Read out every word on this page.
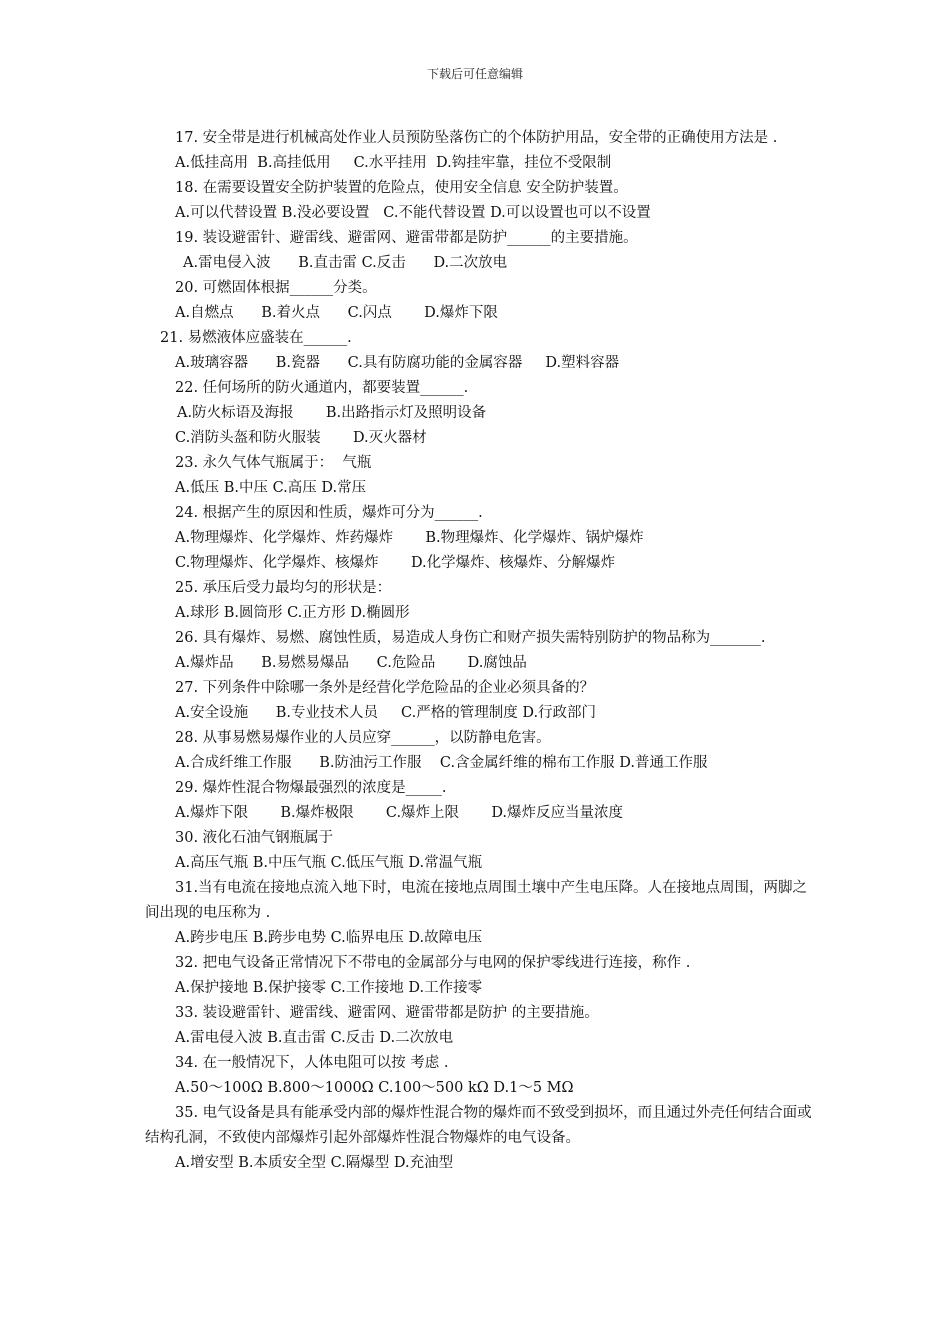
下载后可任意编辑

17. 安全带是进行机械高处作业人员预防坠落伤亡的个体防护用品，安全带的正确使用方法是 .

A.低挂高用  B.高挂低用     C.水平挂用  D.钩挂牢靠，挂位不受限制

18. 在需要设置安全防护装置的危险点，使用安全信息 安全防护装置。

A.可以代替设置 B.没必要设置   C.不能代替设置 D.可以设置也可以不设置

19. 装设避雷针、避雷线、避雷网、避雷带都是防护______的主要措施。

A.雷电侵入波      B.直击雷 C.反击      D.二次放电

20. 可燃固体根据______分类。

A.自燃点      B.着火点      C.闪点       D.爆炸下限

21. 易燃液体应盛装在______.

A.玻璃容器      B.瓷器      C.具有防腐功能的金属容器     D.塑料容器

22. 任何场所的防火通道内，都要装置______.

A.防火标语及海报       B.出路指示灯及照明设备

C.消防头盔和防火服装       D.灭火器材

23. 永久气体气瓶属于：  气瓶

A.低压 B.中压 C.高压 D.常压

24. 根据产生的原因和性质，爆炸可分为______.

A.物理爆炸、化学爆炸、炸药爆炸       B.物理爆炸、化学爆炸、锅炉爆炸

C.物理爆炸、化学爆炸、核爆炸       D.化学爆炸、核爆炸、分解爆炸

25. 承压后受力最均匀的形状是：

A.球形 B.圆筒形 C.正方形 D.椭圆形

26. 具有爆炸、易燃、腐蚀性质，易造成人身伤亡和财产损失需特别防护的物品称为_______.

A.爆炸品      B.易燃易爆品      C.危险品       D.腐蚀品

27. 下列条件中除哪一条外是经营化学危险品的企业必须具备的？

A.安全设施      B.专业技术人员     C.严格的管理制度 D.行政部门

28. 从事易燃易爆作业的人员应穿______，以防静电危害。

A.合成纤维工作服      B.防油污工作服    C.含金属纤维的棉布工作服 D.普通工作服

29. 爆炸性混合物爆最强烈的浓度是_____.

A.爆炸下限       B.爆炸极限       C.爆炸上限       D.爆炸反应当量浓度

30. 液化石油气钢瓶属于

A.高压气瓶 B.中压气瓶 C.低压气瓶 D.常温气瓶

31.当有电流在接地点流入地下时，电流在接地点周围土壤中产生电压降。人在接地点周围，两脚之间出现的电压称为 .

A.跨步电压 B.跨步电势 C.临界电压 D.故障电压

32. 把电气设备正常情况下不带电的金属部分与电网的保护零线进行连接，称作 .

A.保护接地 B.保护接零 C.工作接地 D.工作接零

33. 装设避雷针、避雷线、避雷网、避雷带都是防护 的主要措施。

A.雷电侵入波 B.直击雷 C.反击 D.二次放电

34. 在一般情况下，人体电阻可以按 考虑 .

A.50～100Ω B.800～1000Ω C.100～500 kΩ D.1～5 MΩ

35. 电气设备是具有能承受内部的爆炸性混合物的爆炸而不致受到损坏，而且通过外壳任何结合面或结构孔洞，不致使内部爆炸引起外部爆炸性混合物爆炸的电气设备。

A.增安型 B.本质安全型 C.隔爆型 D.充油型
